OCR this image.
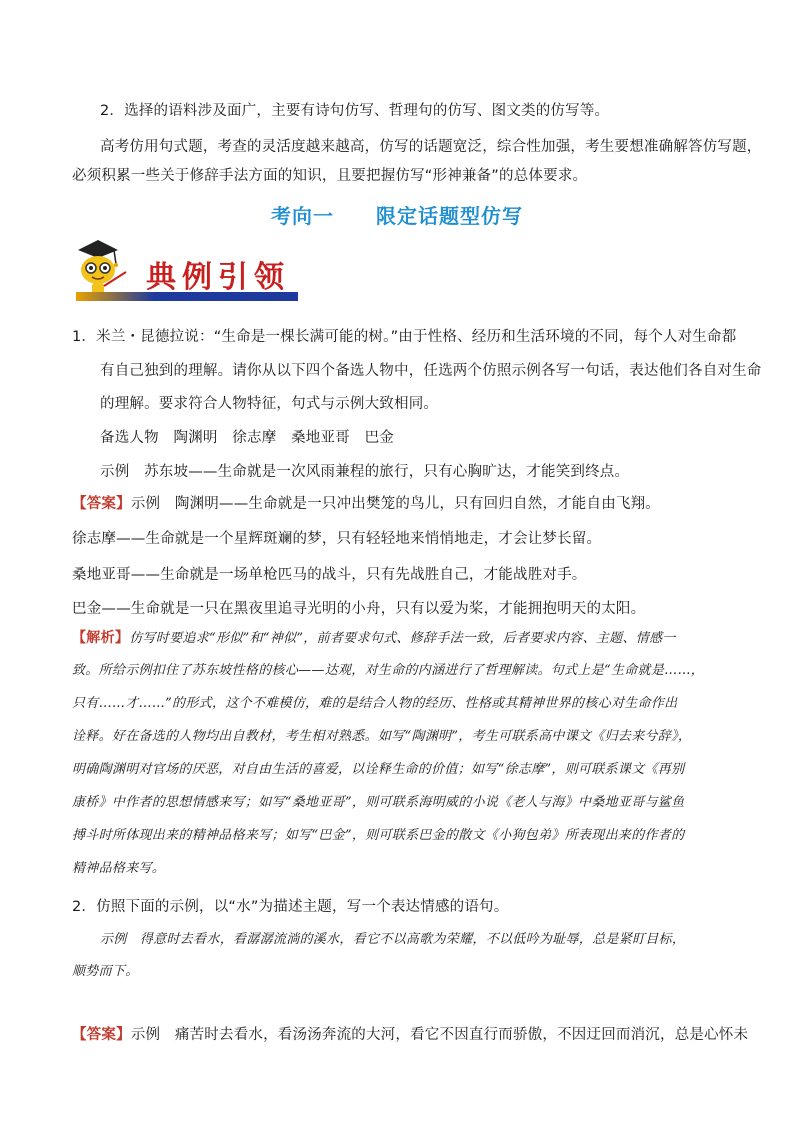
2．选择的语料涉及面广，主要有诗句仿写、哲理句的仿写、图文类的仿写等。
高考仿用句式题，考查的灵活度越来越高，仿写的话题宽泛，综合性加强，考生要想准确解答仿写题，
必须积累一些关于修辞手法方面的知识，且要把握仿写“形神兼备”的总体要求。
考向一 限定话题型仿写
典例引领
1．米兰・昆德拉说：“生命是一棵长满可能的树。”由于性格、经历和生活环境的不同，每个人对生命都
有自己独到的理解。请你从以下四个备选人物中，任选两个仿照示例各写一句话，表达他们各自对生命
的理解。要求符合人物特征，句式与示例大致相同。
备选人物　陶渊明　徐志摩　桑地亚哥　巴金
示例　苏东坡——生命就是一次风雨兼程的旅行，只有心胸旷达，才能笑到终点。
【答案】示例　陶渊明——生命就是一只冲出樊笼的鸟儿，只有回归自然，才能自由飞翔。
徐志摩——生命就是一个星辉斑斓的梦，只有轻轻地来悄悄地走，才会让梦长留。
桑地亚哥——生命就是一场单枪匹马的战斗，只有先战胜自己，才能战胜对手。
巴金——生命就是一只在黑夜里追寻光明的小舟，只有以爱为桨，才能拥抱明天的太阳。
【解析】仿写时要追求“形似”和“神似”，前者要求句式、修辞手法一致，后者要求内容、主题、情感一
致。所给示例扣住了苏东坡性格的核心——达观，对生命的内涵进行了哲理解读。句式上是“生命就是……，
只有……才……”的形式，这个不难模仿，难的是结合人物的经历、性格或其精神世界的核心对生命作出
诠释。好在备选的人物均出自教材，考生相对熟悉。如写“陶渊明”，考生可联系高中课文《归去来兮辞》，
明确陶渊明对官场的厌恶，对自由生活的喜爱，以诠释生命的价值；如写“徐志摩”，则可联系课文《再别
康桥》中作者的思想情感来写；如写“桑地亚哥”，则可联系海明威的小说《老人与海》中桑地亚哥与鲨鱼
搏斗时所体现出来的精神品格来写；如写“巴金”，则可联系巴金的散文《小狗包弟》所表现出来的作者的
精神品格来写。
2．仿照下面的示例，以“水”为描述主题，写一个表达情感的语句。
示例　得意时去看水，看潺潺流淌的溪水，看它不以高歌为荣耀，不以低吟为耻辱，总是紧盯目标，
顺势而下。
【答案】示例　痛苦时去看水，看汤汤奔流的大河，看它不因直行而骄傲，不因迂回而消沉，总是心怀未
